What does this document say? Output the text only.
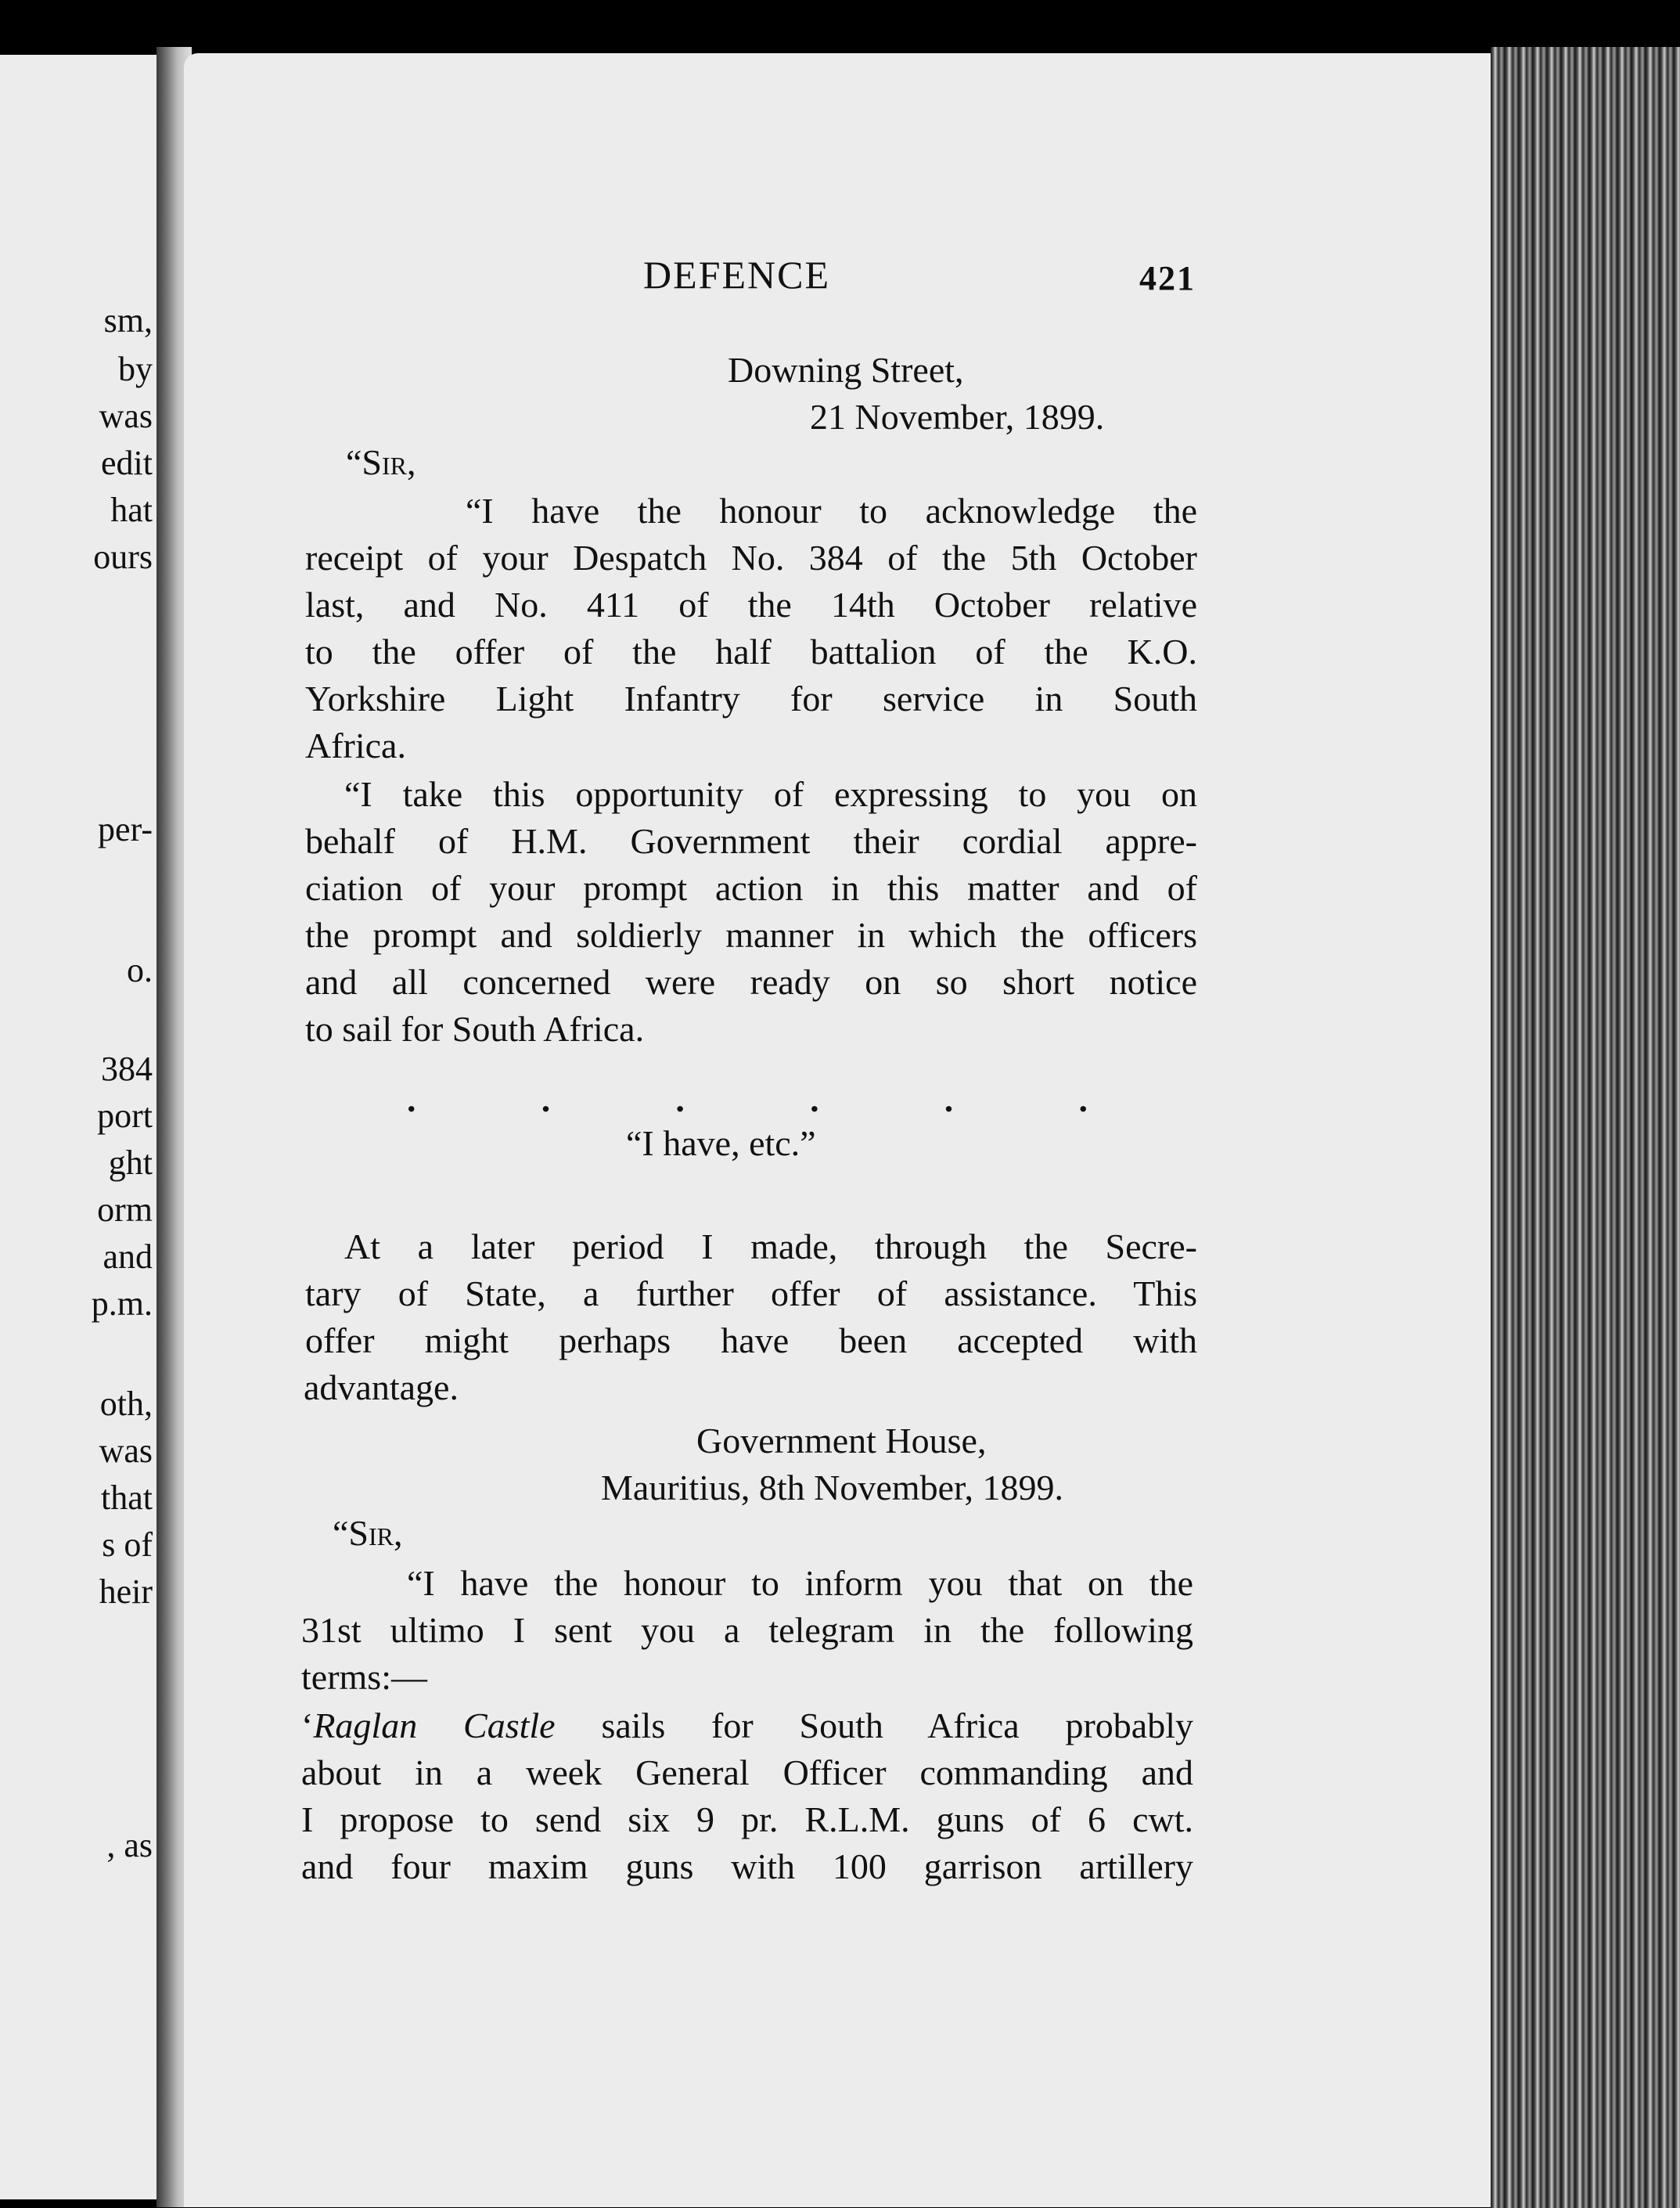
sm,
by
was
edit
hat
ours
per-
o.
384
port
ght
orm
and
p.m.
oth,
was
that
s of
heir
, as
DEFENCE	421
Downing Street,
21 November, 1899.
“Sir,
“I have the honour to acknowledge the
receipt of your Despatch No. 384 of the 5th October
last, and No. 411 of the 14th October relative
to the offer of the half battalion of the K.O.
Yorkshire Light Infantry for service in South
Africa.
“I take this opportunity of expressing to you on
behalf of H.M. Government their cordial appre-
ciation of your prompt action in this matter and of
the prompt and soldierly manner in which the officers
and all concerned were ready on so short notice
to sail for South Africa.
.	.	.	.	.	.
“I have, etc.”
At a later period I made, through the Secre-
tary of State, a further offer of assistance. This
offer might perhaps have been accepted with
advantage.
Government House,
Mauritius, 8th November, 1899.
“Sir,
“I have the honour to inform you that on the
31st ultimo I sent you a telegram in the following
terms:—
‘Raglan Castle sails for South Africa probably
about in a week General Officer commanding and
I propose to send six 9 pr. R.L.M. guns of 6 cwt.
and four maxim guns with 100 garrison artillery
